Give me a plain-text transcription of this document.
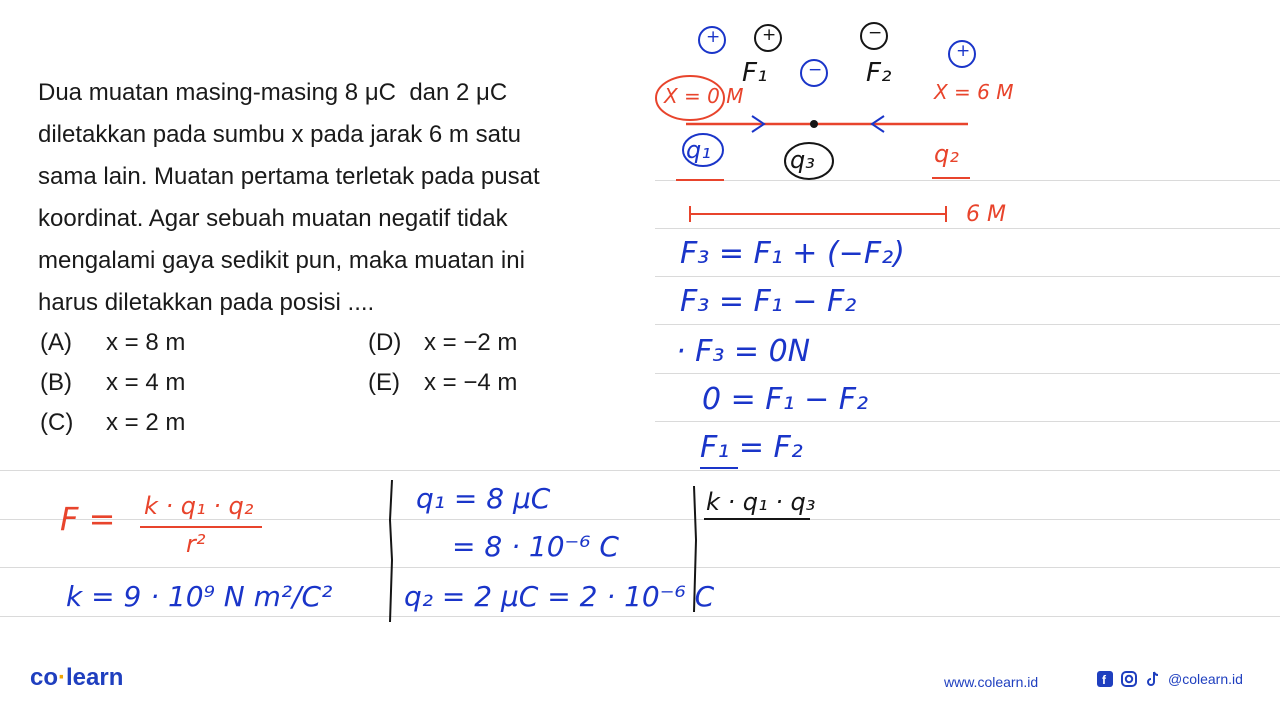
Dua muatan masing-masing 8 μC  dan 2 μC

diletakkan pada sumbu x pada jarak 6 m satu

sama lain. Muatan pertama terletak pada pusat

koordinat. Agar sebuah muatan negatif tidak

mengalami gaya sedikit pun, maka muatan ini

harus diletakkan pada posisi ....

(A) x = 8 m
(B) x = 4 m
(C) x = 2 m
(D) x = −2 m
(E) x = −4 m
+ +	−
−
+
F₁	F₂
X = 0 M	X = 6 M
q₁	q₃	q₂
6 M
F₃ = F₁ + (−F₂)
F₃ = F₁ − F₂
· F₃ = 0N
0 = F₁ − F₂
F₁ = F₂
k · q₁ · q₃
F = k · q₁ · q₂
r²
k = 9 · 10⁹ N m²/C²
q₁ = 8 μC
= 8 · 10⁻⁶ C
q₂ = 2 μC = 2 · 10⁻⁶ C
co·learn	www.colearn.id	f	@colearn.id
